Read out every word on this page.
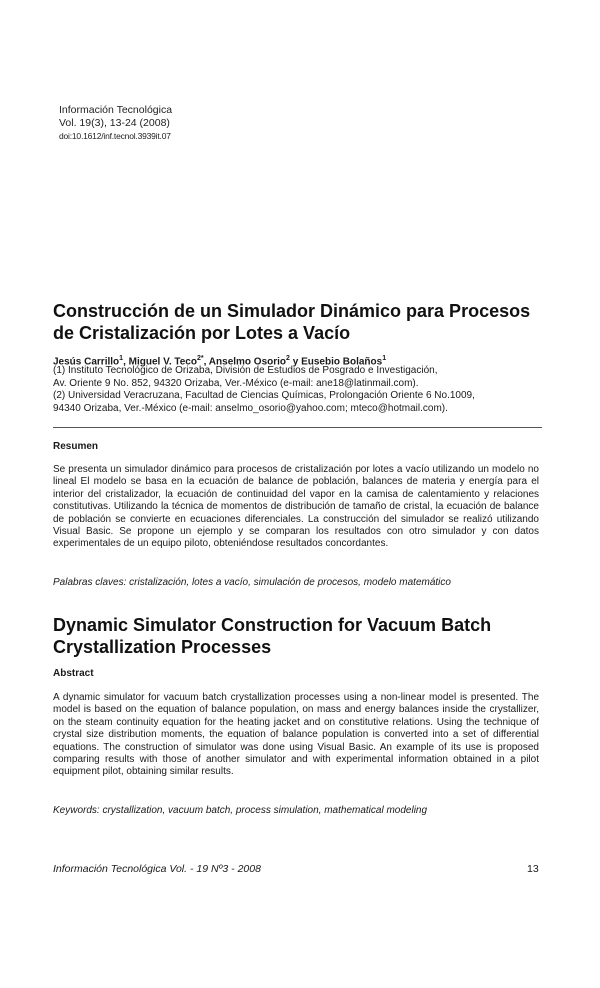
Información Tecnológica
Vol. 19(3), 13-24 (2008)
doi:10.1612/inf.tecnol.3939it.07
Construcción de un Simulador Dinámico para Procesos de Cristalización por Lotes a Vacío
Jesús Carrillo$^1$, Miguel V. Teco$^{2*}$, Anselmo Osorio$^2$ y Eusebio Bolaños$^1$
(1) Instituto Tecnológico de Orizaba, División de Estudios de Posgrado e Investigación,
Av. Oriente 9 No. 852, 94320 Orizaba, Ver.-México (e-mail: ane18@latinmail.com).
(2) Universidad Veracruzana, Facultad de Ciencias Químicas, Prolongación Oriente 6 No.1009,
94340 Orizaba, Ver.-México (e-mail: anselmo_osorio@yahoo.com; mteco@hotmail.com).
Resumen

Se presenta un simulador dinámico para procesos de cristalización por lotes a vacío utilizando un modelo no lineal El modelo se basa en la ecuación de balance de población, balances de materia y energía para el interior del cristalizador, la ecuación de continuidad del vapor en la camisa de calentamiento y relaciones constitutivas. Utilizando la técnica de momentos de distribución de tamaño de cristal, la ecuación de balance de población se convierte en ecuaciones diferenciales. La construcción del simulador se realizó utilizando Visual Basic. Se propone un ejemplo y se comparan los resultados con otro simulador y con datos experimentales de un equipo piloto, obteniéndose resultados concordantes.

Palabras claves: cristalización, lotes a vacío, simulación de procesos, modelo matemático
Dynamic Simulator Construction for Vacuum Batch Crystallization Processes
Abstract

A dynamic simulator for vacuum batch crystallization processes using a non-linear model is presented. The model is based on the equation of balance population, on mass and energy balances inside the crystallizer, on the steam continuity equation for the heating jacket and on constitutive relations. Using the technique of crystal size distribution moments, the equation of balance population is converted into a set of differential equations. The construction of simulator was done using Visual Basic. An example of its use is proposed comparing results with those of another simulator and with experimental information obtained in a pilot equipment pilot, obtaining similar results.

Keywords: crystallization, vacuum batch, process simulation, mathematical modeling
Información Tecnológica Vol. - 19 Nº3 - 2008	13
